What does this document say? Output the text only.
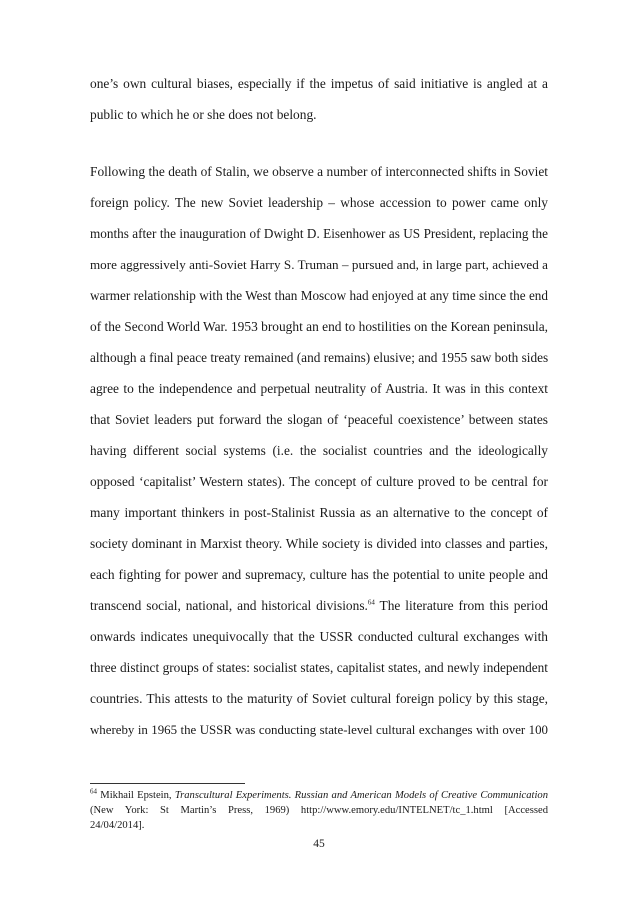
one’s own cultural biases, especially if the impetus of said initiative is angled at a
public to which he or she does not belong.
Following the death of Stalin, we observe a number of interconnected shifts in Soviet
foreign policy. The new Soviet leadership – whose accession to power came only
months after the inauguration of Dwight D. Eisenhower as US President, replacing the
more aggressively anti-Soviet Harry S. Truman – pursued and, in large part, achieved a
warmer relationship with the West than Moscow had enjoyed at any time since the end
of the Second World War. 1953 brought an end to hostilities on the Korean peninsula,
although a final peace treaty remained (and remains) elusive; and 1955 saw both sides
agree to the independence and perpetual neutrality of Austria. It was in this context
that Soviet leaders put forward the slogan of ‘peaceful coexistence’ between states
having different social systems (i.e. the socialist countries and the ideologically
opposed ‘capitalist’ Western states). The concept of culture proved to be central for
many important thinkers in post-Stalinist Russia as an alternative to the concept of
society dominant in Marxist theory. While society is divided into classes and parties,
each fighting for power and supremacy, culture has the potential to unite people and
transcend social, national, and historical divisions.$^{64}$ The literature from this period
onwards indicates unequivocally that the USSR conducted cultural exchanges with
three distinct groups of states: socialist states, capitalist states, and newly independent
countries. This attests to the maturity of Soviet cultural foreign policy by this stage,
whereby in 1965 the USSR was conducting state-level cultural exchanges with over 100
$^{64}$ Mikhail Epstein, Transcultural Experiments. Russian and American Models of Creative Communication
(New York: St Martin’s Press, 1969) http://www.emory.edu/INTELNET/tc_1.html [Accessed
24/04/2014].
45
